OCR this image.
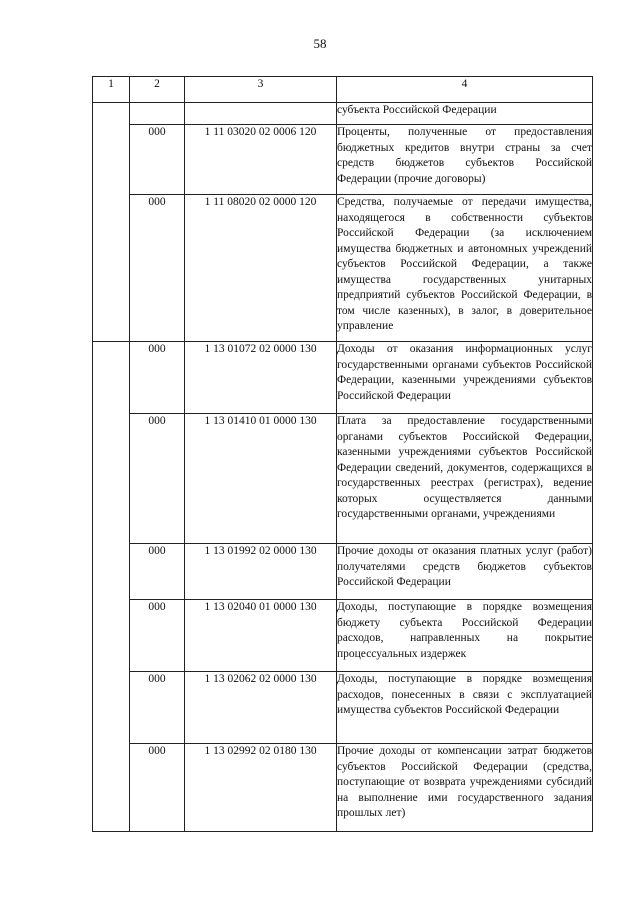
58
1	2	3	4
			субъекта Российской Федерации
	000	1 11 03020 02 0006 120	Проценты, полученные от предоставления бюджетных кредитов внутри страны за счет средств бюджетов субъектов Российской Федерации (прочие договоры)
	000	1 11 08020 02 0000 120	Средства, получаемые от передачи имущества, находящегося в собственности субъектов Российской Федерации (за исключением имущества бюджетных и автономных учреждений субъектов Российской Федерации, а также имущества государственных унитарных предприятий субъектов Российской Федерации, в том числе казенных), в залог, в доверительное управление
	000	1 13 01072 02 0000 130	Доходы от оказания информационных услуг государственными органами субъектов Российской Федерации, казенными учреждениями субъектов Российской Федерации
	000	1 13 01410 01 0000 130	Плата за предоставление государственными органами субъектов Российской Федерации, казенными учреждениями субъектов Российской Федерации сведений, документов, содержащихся в государственных реестрах (регистрах), ведение которых осуществляется данными государственными органами, учреждениями
	000	1 13 01992 02 0000 130	Прочие доходы от оказания платных услуг (работ) получателями средств бюджетов субъектов Российской Федерации
	000	1 13 02040 01 0000 130	Доходы, поступающие в порядке возмещения бюджету субъекта Российской Федерации расходов, направленных на покрытие процессуальных издержек
	000	1 13 02062 02 0000 130	Доходы, поступающие в порядке возмещения расходов, понесенных в связи с эксплуатацией имущества субъектов Российской Федерации
	000	1 13 02992 02 0180 130	Прочие доходы от компенсации затрат бюджетов субъектов Российской Федерации (средства, поступающие от возврата учреждениями субсидий на выполнение ими государственного задания прошлых лет)
